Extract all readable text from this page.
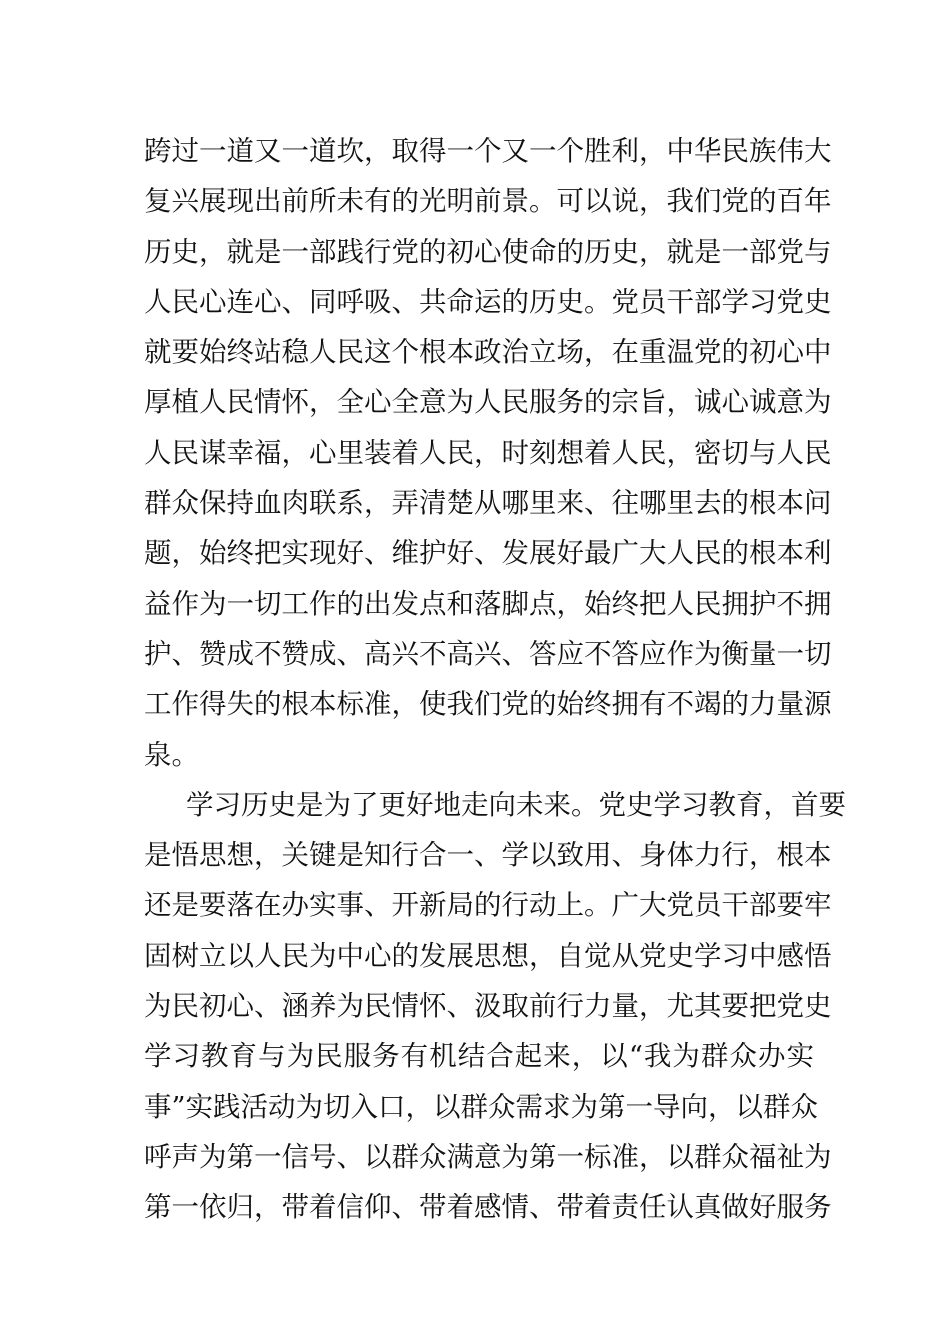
跨过一道又一道坎，取得一个又一个胜利，中华民族伟大
复兴展现出前所未有的光明前景。可以说，我们党的百年
历史，就是一部践行党的初心使命的历史，就是一部党与
人民心连心、同呼吸、共命运的历史。党员干部学习党史
就要始终站稳人民这个根本政治立场，在重温党的初心中
厚植人民情怀，全心全意为人民服务的宗旨，诚心诚意为
人民谋幸福，心里装着人民，时刻想着人民，密切与人民
群众保持血肉联系，弄清楚从哪里来、往哪里去的根本问
题，始终把实现好、维护好、发展好最广大人民的根本利
益作为一切工作的出发点和落脚点，始终把人民拥护不拥
护、赞成不赞成、高兴不高兴、答应不答应作为衡量一切
工作得失的根本标准，使我们党的始终拥有不竭的力量源
泉。
学习历史是为了更好地走向未来。党史学习教育，首要
是悟思想，关键是知行合一、学以致用、身体力行，根本
还是要落在办实事、开新局的行动上。广大党员干部要牢
固树立以人民为中心的发展思想，自觉从党史学习中感悟
为民初心、涵养为民情怀、汲取前行力量，尤其要把党史
学习教育与为民服务有机结合起来，以“我为群众办实
事”实践活动为切入口，以群众需求为第一导向，以群众
呼声为第一信号、以群众满意为第一标准，以群众福祉为
第一依归，带着信仰、带着感情、带着责任认真做好服务
